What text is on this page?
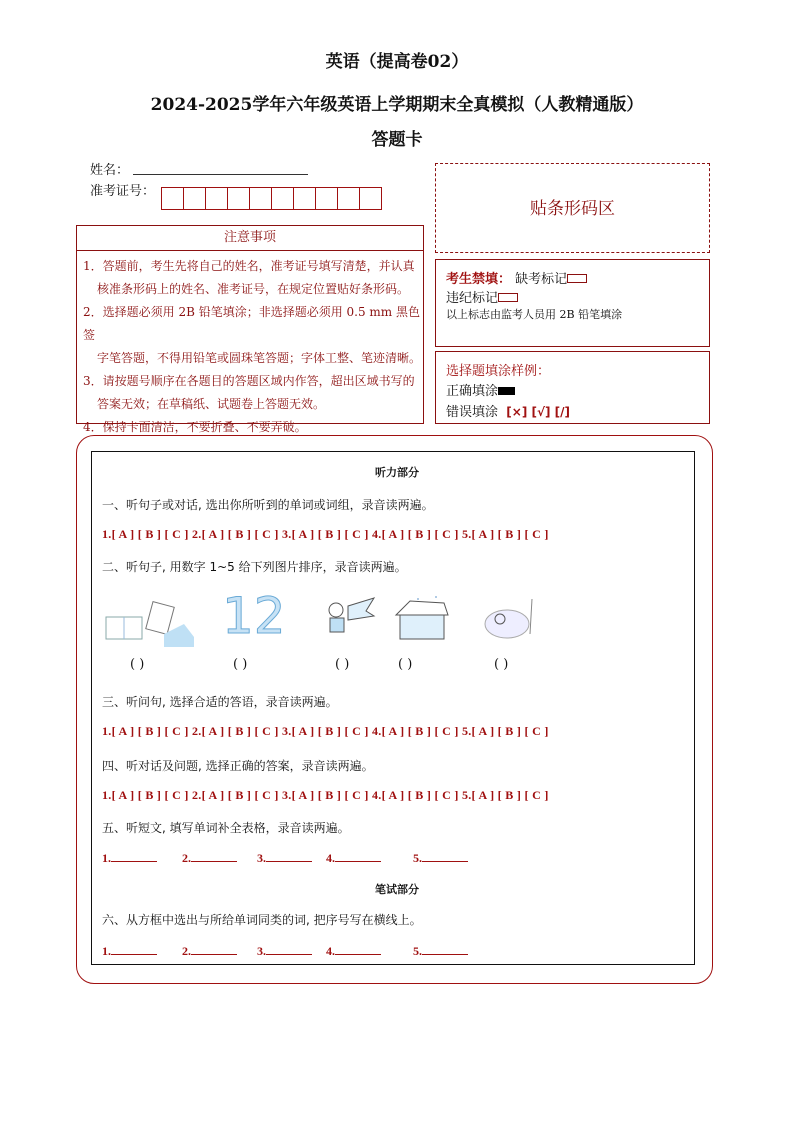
英语（提高卷02）
2024-2025学年六年级英语上学期期末全真模拟（人教精通版）
答题卡
姓名：
准考证号：
贴条形码区
注意事项

1．答题前，考生先将自己的姓名，准考证号填写清楚，并认真

核准条形码上的姓名、准考证号，在规定位置贴好条形码。

2．选择题必须用 2B 铅笔填涂；非选择题必须用 0.5 mm 黑色签

字笔答题，不得用铅笔或圆珠笔答题；字体工整、笔迹清晰。

3．请按题号顺序在各题目的答题区域内作答，超出区域书写的

答案无效；在草稿纸、试题卷上答题无效。

4．保持卡面清洁，不要折叠、不要弄破。

考生禁填： 缺考标记
违纪标记
以上标志由监考人员用 2B 铅笔填涂
选择题填涂样例：
正确填涂
错误填涂 [×] [√] [/]
听力部分
一、听句子或对话, 选出你所听到的单词或词组，录音读两遍。
1.[ A ] [ B ] [ C ] 2.[ A ] [ B ] [ C ] 3.[ A ] [ B ] [ C ] 4.[ A ] [ B ] [ C ] 5.[ A ] [ B ] [ C ]
二、听句子, 用数字 1~5 给下列图片排序，录音读两遍。
12
( )	( )	( )	( )	( )
三、听问句, 选择合适的答语，录音读两遍。
1.[ A ] [ B ] [ C ] 2.[ A ] [ B ] [ C ] 3.[ A ] [ B ] [ C ] 4.[ A ] [ B ] [ C ] 5.[ A ] [ B ] [ C ]
四、听对话及问题, 选择正确的答案，录音读两遍。
1.[ A ] [ B ] [ C ] 2.[ A ] [ B ] [ C ] 3.[ A ] [ B ] [ C ] 4.[ A ] [ B ] [ C ] 5.[ A ] [ B ] [ C ]
五、听短文, 填写单词补全表格，录音读两遍。
1.	2.	3.	4.	5.
笔试部分
六、从方框中选出与所给单词同类的词, 把序号写在横线上。
1.	2.	3.	4.	5.
